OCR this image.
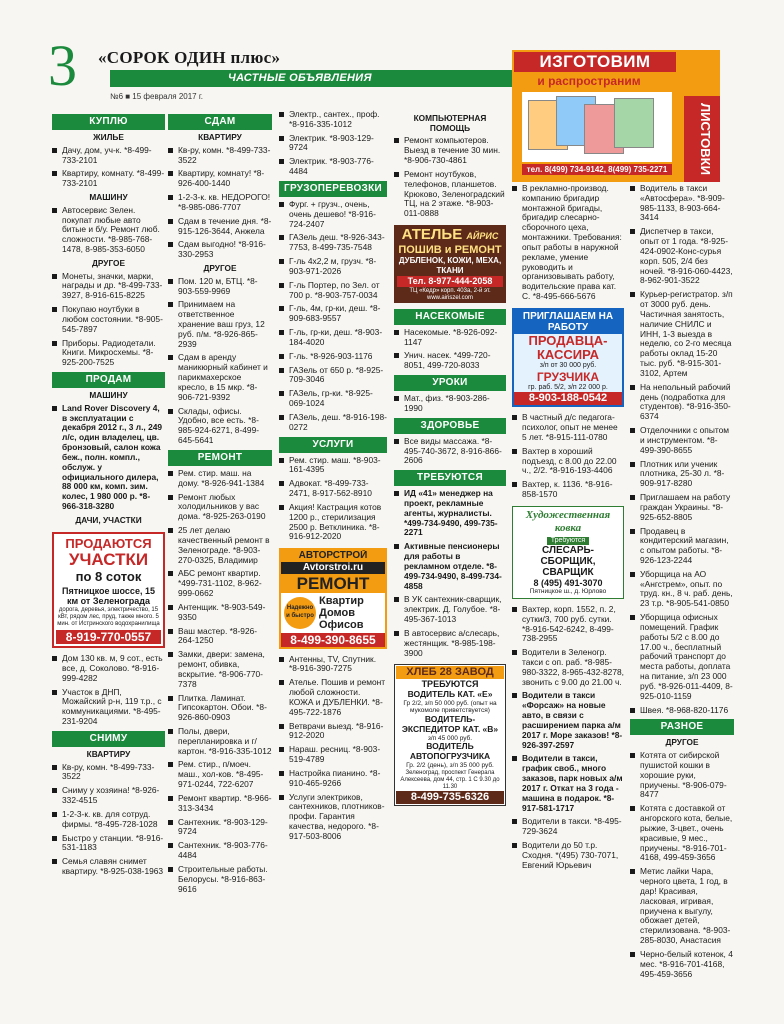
3 «СОРОК ОДИН плюс»
ЧАСТНЫЕ ОБЪЯВЛЕНИЯ
№6 ■ 15 февраля 2017 г.
КУПЛЮ
ЖИЛЬЕ
Дачу, дом, уч-к. *8-499-733-2101
Квартиру, комнату. *8-499-733-2101
МАШИНУ
Автосервис Зелен. покупат любые авто битые и б/у. Ремонт люб. сложности. *8-985-768-1478, 8-985-353-6050
ДРУГОЕ
Монеты, значки, марки, награды и др. *8-499-733-3927, 8-916-615-8225
Покупаю ноутбуки в любом состоянии. *8-905-545-7897
Приборы. Радиодетали. Книги. Микросхемы. *8-925-200-7525
ПРОДАМ
МАШИНУ
Land Rover Discovery 4, в эксплуатации с декабря 2012 г., 3 л., 249 л/с, один владелец, цв. бронзовый, салон кожа беж., полн. компл., обслуж. у официального дилера, 88 000 км, комп. зим. колес, 1 980 000 р. *8-966-318-3280
ДАЧИ, УЧАСТКИ
ПРОДАЮТСЯ
УЧАСТКИ
по 8 соток
Пятницкое шоссе, 15 км от Зеленограда
дорога, деревья, электричество, 15 кВт, рядом лес, пруд, также много. 5 мин. от Истринского водохранилища
8-919-770-0557
Дом 130 кв. м, 9 сот., есть все, д. Соколово. *8-916-999-4282
Участок в ДНП, Можайский р-н, 119 т.р., с коммуникациями. *8-495-231-9204
СНИМУ
КВАРТИРУ
Кв-ру, комн. *8-499-733-3522
Сниму у хозяина! *8-926-332-4515
1-2-3-к. кв. для сотруд. фирмы. *8-495-728-1028
Быстро у станции. *8-916-531-1183
Семья славян снимет квартиру. *8-925-038-1963
СДАМ
КВАРТИРУ
Кв-ру, комн. *8-499-733-3522
Квартиру, комнату! *8-926-400-1440
1-2-3-к. кв. НЕДОРОГО! *8-985-086-7707
Сдам в течение дня. *8-915-126-3644, Анжела
Сдам выгодно! *8-916-330-2953
ДРУГОЕ
Пом. 120 м, БТЦ. *8-903-559-9969
Принимаем на ответственное хранение ваш груз, 12 руб. п/м. *8-926-865-2939
Сдам в аренду маникюрный кабинет и парикмахерское кресло, в 15 мкр. *8-906-721-9392
Склады, офисы. Удобно, все есть. *8-985-924-6271, 8-499-645-5641
РЕМОНТ
Рем. стир. маш. на дому. *8-926-941-1384
Ремонт любых холодильников у вас дома. *8-925-263-0190
25 лет делаю качественный ремонт в Зеленограде. *8-903-270-0325, Владимир
АБС ремонт квартир. *499-731-1102, 8-962-999-0662
Антенщик. *8-903-549-9350
Ваш мастер. *8-926-264-1250
Замки, двери: замена, ремонт, обивка, вскрытие. *8-906-770-7378
Плитка. Ламинат. Гипсокартон. Обои. *8-926-860-0903
Полы, двери, перепланировка и г/картон. *8-916-335-1012
Рем. стир., п/моеч. маш., хол-ков. *8-495-971-0244, 722-6207
Ремонт квартир. *8-966-313-3434
Сантехник. *8-903-129-9724
Сантехник. *8-903-776-4484
Строительные работы. Белорусы. *8-916-863-9616
Электр., сантех., проф. *8-916-335-1012
Электрик. *8-903-129-9724
Электрик. *8-903-776-4484
ГРУЗОПЕРЕВОЗКИ
Фург. + грузч., очень, очень дешево! *8-916-724-2407
ГАЗель деш. *8-926-343-7753, 8-499-735-7548
Г-ль 4х2,2 м, грузч. *8-903-971-2026
Г-ль Портер, по Зел. от 700 р. *8-903-757-0034
Г-ль, 4м, гр-ки, деш. *8-909-683-9557
Г-ль, гр-ки, деш. *8-903-184-4020
Г-ль. *8-926-903-1176
ГАЗель от 650 р. *8-925-709-3046
ГАЗель, гр-ки. *8-925-069-1024
ГАЗель, деш. *8-916-198-0272
УСЛУГИ
Рем. стир. маш. *8-903-161-4395
Адвокат. *8-499-733-2471, 8-917-562-8910
Акция! Кастрация котов 1200 р., стерилизация 2500 р. Ветклиника. *8-916-912-2020
АВТОРСТРОЙ
Avtorstroi.ru
РЕМОНТ
Надежно и быстро
Квартир Домов Офисов
8-499-390-8655
Антенны, TV, Спутник. *8-916-390-7275
Ателье. Пошив и ремонт любой сложности. КОЖА и ДУБЛЕНКИ. *8-495-722-1876
Ветврачи выезд. *8-916-912-2020
Нараш. ресниц. *8-903-519-4789
Настройка пианино. *8-910-465-9266
Услуги электриков, сантехников, плотников-профи. Гарантия качества, недорого. *8-917-503-8006
КОМПЬЮТЕРНАЯ ПОМОЩЬ
Ремонт компьютеров. Выезд в течение 30 мин. *8-906-730-4861
Ремонт ноутбуков, телефонов, планшетов. Крюково, Зеленоградский ТЦ, на 2 этаже. *8-903-011-0888
АТЕЛЬЕ АЙРИС
ПОШИВ и РЕМОНТ
ДУБЛЕНОК, КОЖИ, МЕХА, ТКАНИ
Тел. 8-977-444-2058
ТЦ «Кедр» корп. 403а, 2-й эт. www.airiszel.com
НАСЕКОМЫЕ
Насекомые. *8-926-092-1147
Унич. насек. *499-720-8051, 499-720-8033
УРОКИ
Мат., физ. *8-903-286-1990
ЗДОРОВЬЕ
Все виды массажа. *8-495-740-3672, 8-916-866-2606
ТРЕБУЮТСЯ
ИД «41» менеджер на проект, рекламные агенты, журналисты. *499-734-9490, 499-735-2271
Активные пенсионеры для работы в рекламном отделе. *8-499-734-9490, 8-499-734-4858
В УК сантехник-сварщик, электрик. Д. Голубое. *8-495-367-1013
В автосервис а/слесарь, жестянщик. *8-985-198-3900
ХЛЕБ 28 ЗАВОД
ТРЕБУЮТСЯ
ВОДИТЕЛЬ КАТ. «Е»
Гр 2/2, з/п 50 000 руб. (опыт на мукомоле приветствуется)
ВОДИТЕЛЬ-ЭКСПЕДИТОР КАТ. «В»
з/п 45 000 руб.
ВОДИТЕЛЬ АВТОПОГРУЗЧИКА
Гр. 2/2 (день), з/п 35 000 руб.
Зеленоград, проспект Генерала Алексеева, дом 44, стр. 1 С 9.30 до 11.30
8-499-735-6326
ИЗГОТОВИМ
и распространим
ЛИСТОВКИ
тел. 8(499) 734-9142, 8(499) 735-2271
В рекламно-производ. компанию бригадир монтажной бригады, бригадир слесарно-сборочного цеха, монтажники. Требования: опыт работы в наружной рекламе, умение руководить и организовывать работу, водительские права кат. С. *8-495-666-5676
ПРИГЛАШАЕМ НА РАБОТУ
ПРОДАВЦА-КАССИРА
з/п от 30 000 руб.
ГРУЗЧИКА
гр. раб. 5/2, з/п 22 000 р.
8-903-188-0542
В частный д/с педагога-психолог, опыт не менее 5 лет. *8-915-111-0780
Вахтер в хороший подъезд, с 8.00 до 22.00 ч., 2/2. *8-916-193-4406
Вахтер, к. 1136. *8-916-858-1570
Художественная ковка
Требуются
СЛЕСАРЬ-СБОРЩИК,
СВАРЩИК
8 (495) 491-3070
Пятницкое ш., д. Юрлово
Вахтер, корп. 1552, п. 2, сутки/3, 700 руб. сутки. *8-916-542-6242, 8-499-738-2955
Водители в Зеленогр. такси с оп. раб. *8-985-980-3322, 8-965-432-8278, звонить с 9.00 до 21.00 ч.
Водители в такси «Форсаж» на новые авто, в связи с расширением парка а/м 2017 г. Море заказов! *8-926-397-2597
Водители в такси, график своб., много заказов, парк новых а/м 2017 г. Откат на 3 года - машина в подарок. *8-917-581-1717
Водители в такси. *8-495-729-3624
Водители до 50 т.р. Сходня. *(495) 730-7071, Евгений Юрьевич
Водитель в такси «Автосфера». *8-909-985-1133, 8-903-664-3414
Диспетчер в такси, опыт от 1 года. *8-925-424-0902-Конс-сурья корп. 505, 2/4 без ночей. *8-916-060-4423, 8-962-901-3522
Курьер-регистратор. з/п от 3000 руб. день. Частичная занятость, наличие СНИЛС и ИНН, 1-3 выезда в неделю, со 2-го месяца работы оклад 15-20 тыс. руб. *8-915-301-3102, Артем
На непольный рабочий день (подработка для студентов). *8-916-350-6374
Отделочники с опытом и инструментом. *8-499-390-8655
Плотник или ученик плотника, 25-30 л. *8-909-917-8280
Приглашаем на работу граждан Украины. *8-925-652-8805
Продавец в кондитерский магазин, с опытом работы. *8-926-123-2244
Уборщица на АО «Ангстрем», опыт. по труд. кн., 8 ч. раб. день, 23 т.р. *8-905-541-0850
Уборщица офисных помещений. График работы 5/2 с 8.00 до 17.00 ч., бесплатный рабочий транспорт до места работы, доплата на питание, з/п 23 000 руб. *8-926-011-4409, 8-925-010-1159
Швея. *8-968-820-1176
РАЗНОЕ
ДРУГОЕ
Котята от сибирской пушистой кошки в хорошие руки, приучены. *8-906-079-8477
Котята с доставкой от ангорского кота, белые, рыжие, 3-цвет., очень красивые, 9 мес., приучены. *8-916-701-4168, 499-459-3656
Метис лайки Чара, черного цвета, 1 год, в дар! Красивая, ласковая, игривая, приучена к выгулу, обожает детей, стерилизована. *8-903-285-8030, Анастасия
Черно-белый котенок, 4 мес. *8-916-701-4168, 495-459-3656
